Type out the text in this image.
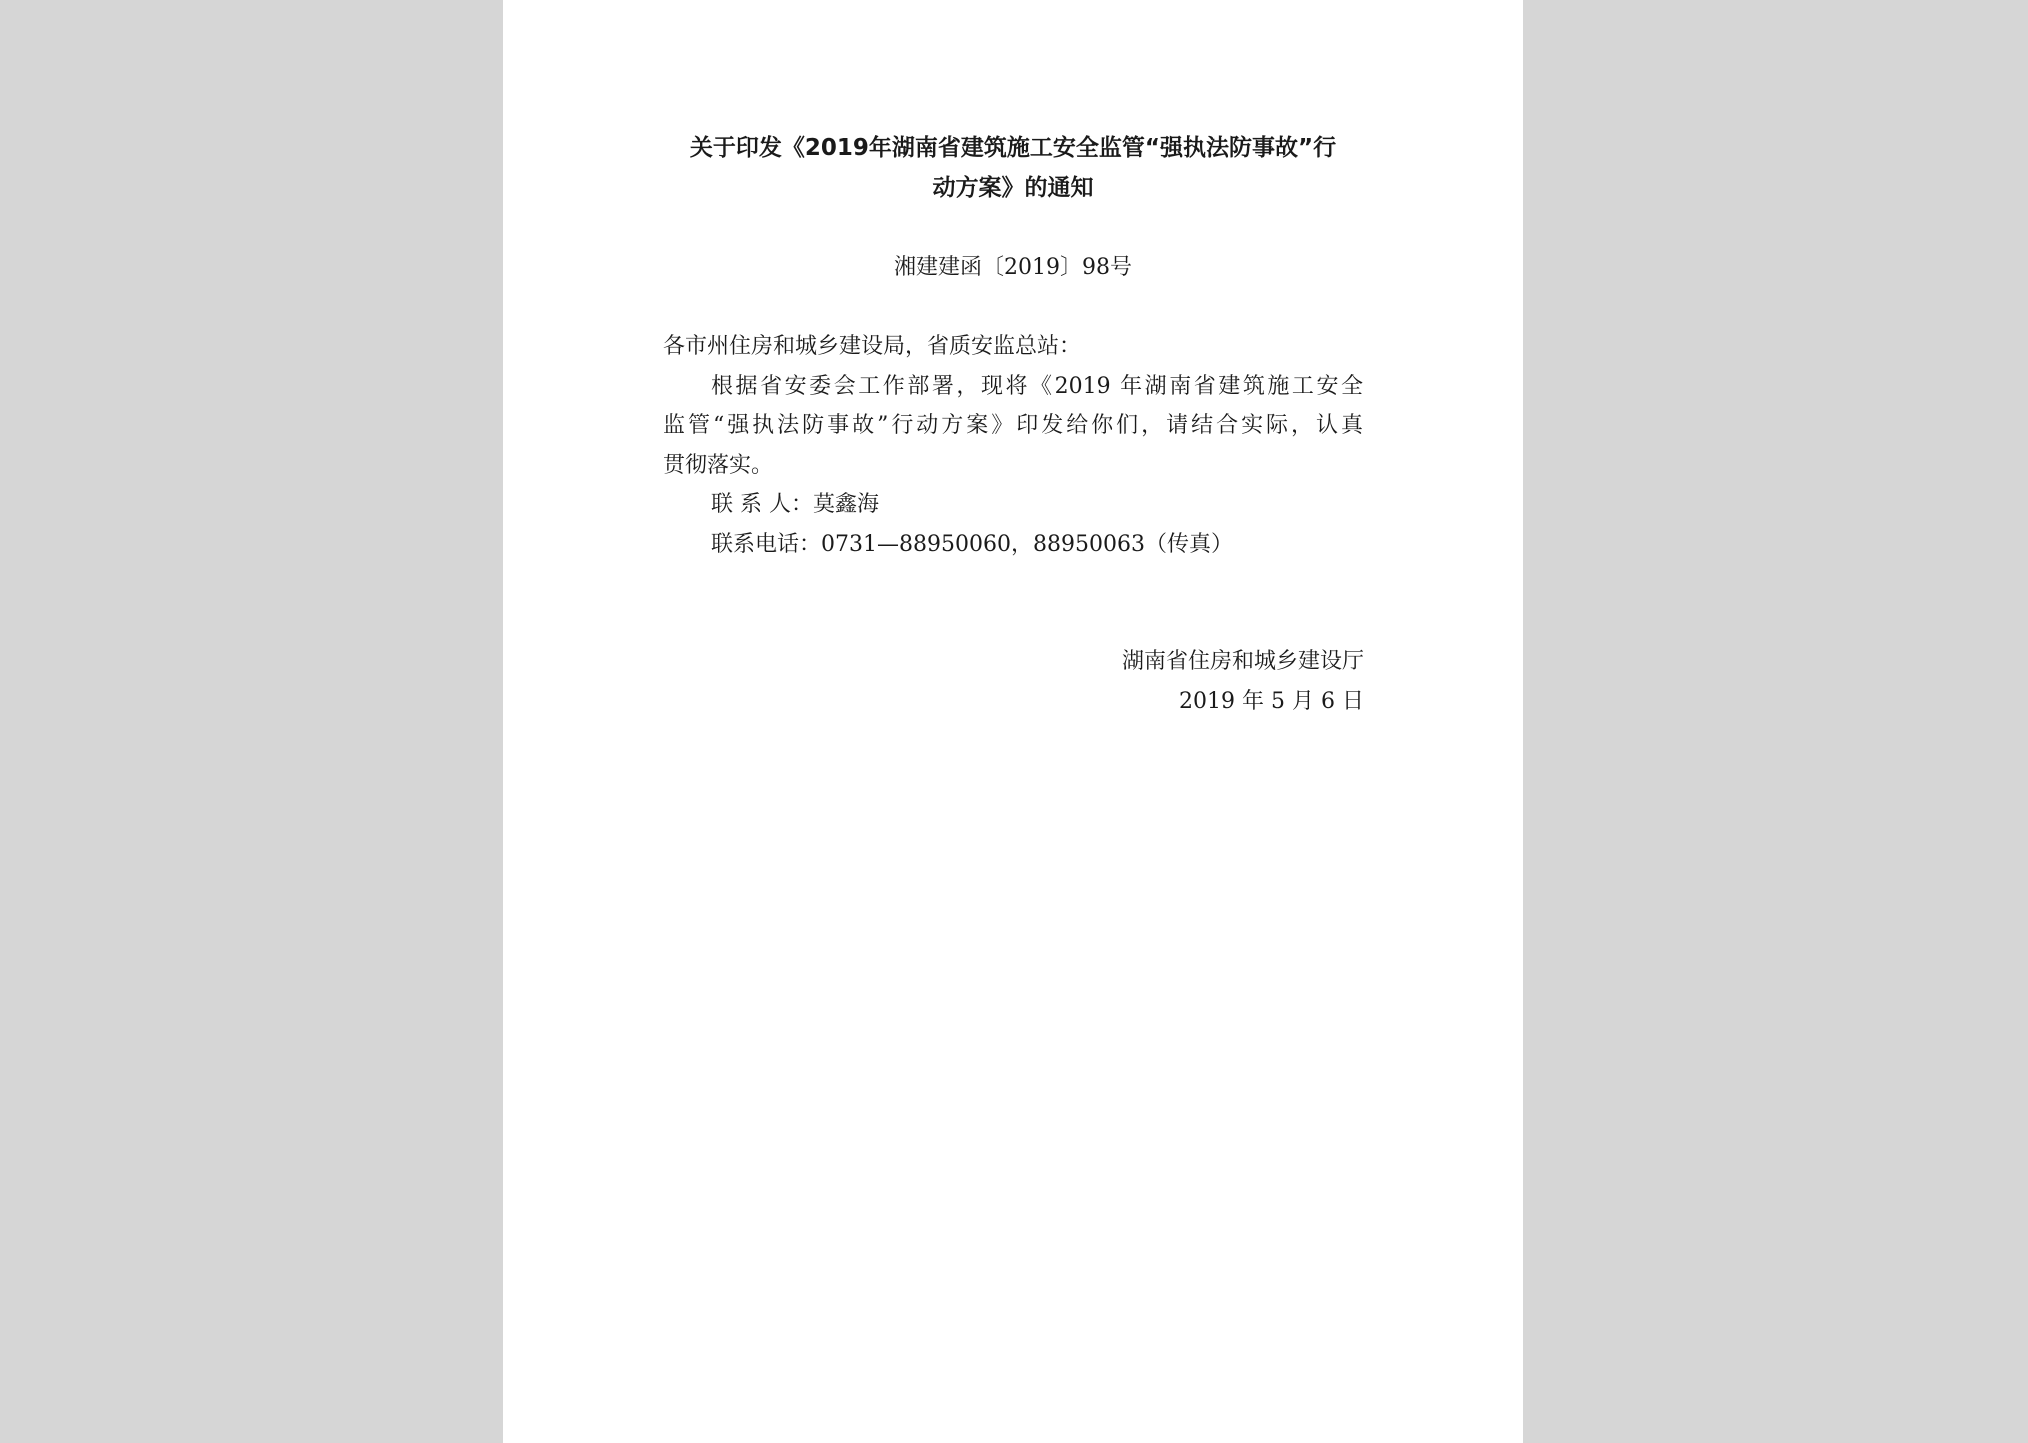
关于印发《2019年湖南省建筑施工安全监管“强执法防事故”行
动方案》的通知
湘建建函〔2019〕98号
各市州住房和城乡建设局，省质安监总站：
根据省安委会工作部署，现将《2019 年湖南省建筑施工安全
监管“强执法防事故”行动方案》印发给你们，请结合实际，认真
贯彻落实。
联 系 人：莫鑫海
联系电话：0731—88950060，88950063（传真）
湖南省住房和城乡建设厅
2019 年 5 月 6 日
